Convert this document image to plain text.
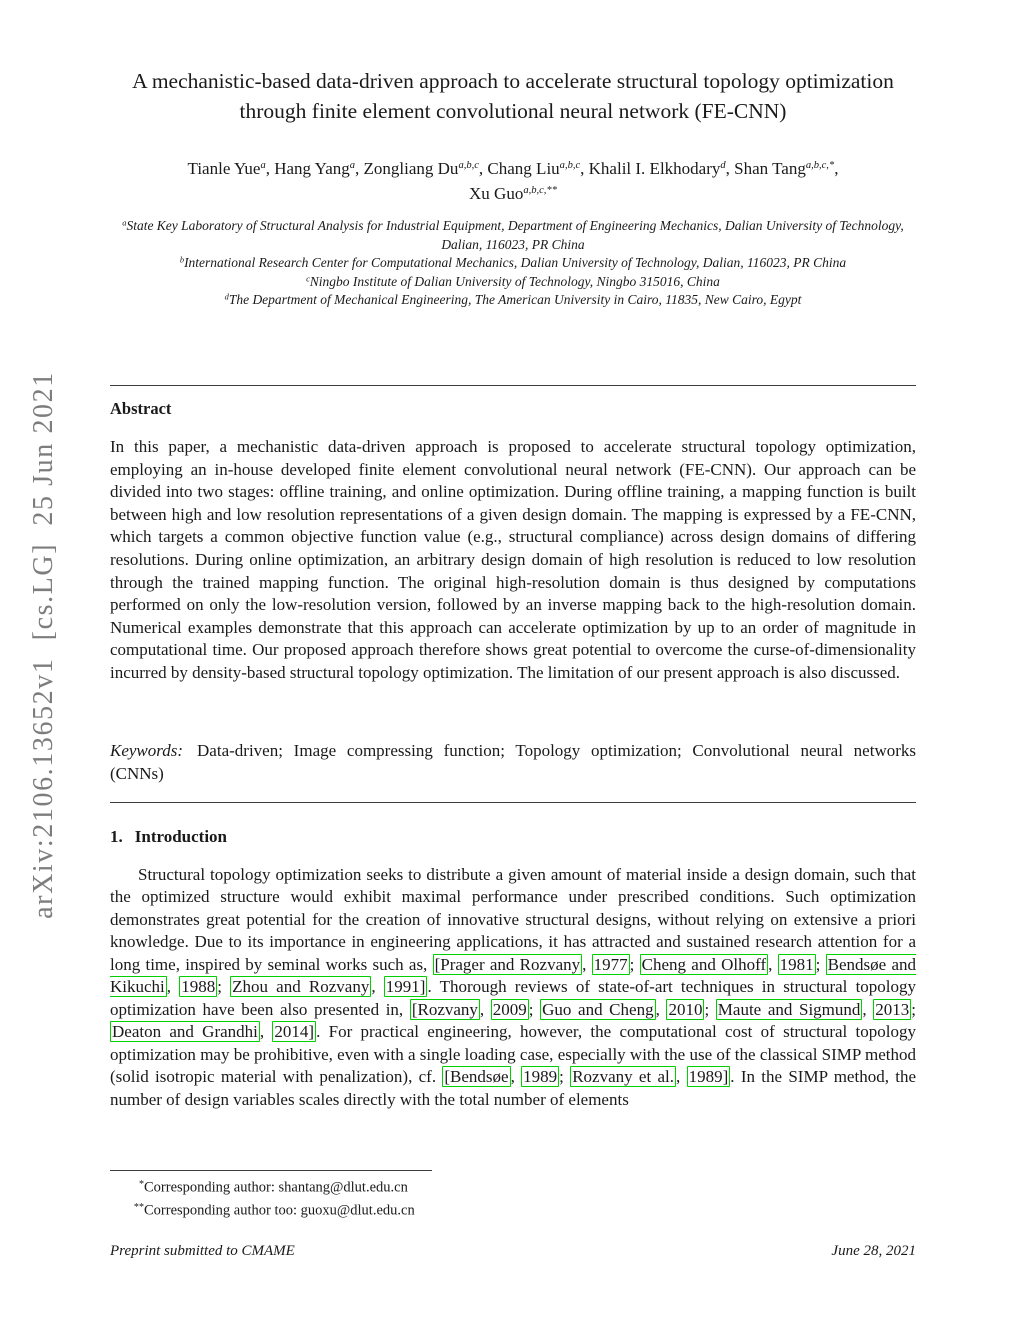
arXiv:2106.13652v1  [cs.LG]  25 Jun 2021
A mechanistic-based data-driven approach to accelerate structural topology optimization through finite element convolutional neural network (FE-CNN)
Tianle Yue$^a$, Hang Yang$^a$, Zongliang Du$^{a,b,c}$, Chang Liu$^{a,b,c}$, Khalil I. Elkhodary$^d$, Shan Tang$^{a,b,c,*}$,
Xu Guo$^{a,b,c,**}$
$^a$State Key Laboratory of Structural Analysis for Industrial Equipment, Department of Engineering Mechanics, Dalian University of Technology, Dalian, 116023, PR China
$^b$International Research Center for Computational Mechanics, Dalian University of Technology, Dalian, 116023, PR China
$^c$Ningbo Institute of Dalian University of Technology, Ningbo 315016, China
$^d$The Department of Mechanical Engineering, The American University in Cairo, 11835, New Cairo, Egypt
Abstract

In this paper, a mechanistic data-driven approach is proposed to accelerate structural topology optimization, employing an in-house developed finite element convolutional neural network (FE-CNN). Our approach can be divided into two stages: offline training, and online optimization. During offline training, a mapping function is built between high and low resolution representations of a given design domain. The mapping is expressed by a FE-CNN, which targets a common objective function value (e.g., structural compliance) across design domains of differing resolutions. During online optimization, an arbitrary design domain of high resolution is reduced to low resolution through the trained mapping function. The original high-resolution domain is thus designed by computations performed on only the low-resolution version, followed by an inverse mapping back to the high-resolution domain. Numerical examples demonstrate that this approach can accelerate optimization by up to an order of magnitude in computational time. Our proposed approach therefore shows great potential to overcome the curse-of-dimensionality incurred by density-based structural topology optimization. The limitation of our present approach is also discussed.

Keywords: Data-driven; Image compressing function; Topology optimization; Convolutional neural networks (CNNs)

1. Introduction

Structural topology optimization seeks to distribute a given amount of material inside a design domain, such that the optimized structure would exhibit maximal performance under prescribed conditions. Such optimization demonstrates great potential for the creation of innovative structural designs, without relying on extensive a priori knowledge. Due to its importance in engineering applications, it has attracted and sustained research attention for a long time, inspired by seminal works such as, [Prager and Rozvany , 1977 ; Cheng and Olhoff , 1981 ; Bendsøe and Kikuchi , 1988 ; Zhou and Rozvany , 1991] . Thorough reviews of state-of-art techniques in structural topology optimization have been also presented in, [Rozvany , 2009 ; Guo and Cheng , 2010 ; Maute and Sigmund , 2013 ; Deaton and Grandhi , 2014] . For practical engineering, however, the computational cost of structural topology optimization may be prohibitive, even with a single loading case, especially with the use of the classical SIMP method (solid isotropic material with penalization), cf. [Bendsøe , 1989 ; Rozvany et al. , 1989] . In the SIMP method, the number of design variables scales directly with the total number of elements

*Corresponding author: shantang@dlut.edu.cn
**Corresponding author too: guoxu@dlut.edu.cn
Preprint submitted to CMAME	June 28, 2021
